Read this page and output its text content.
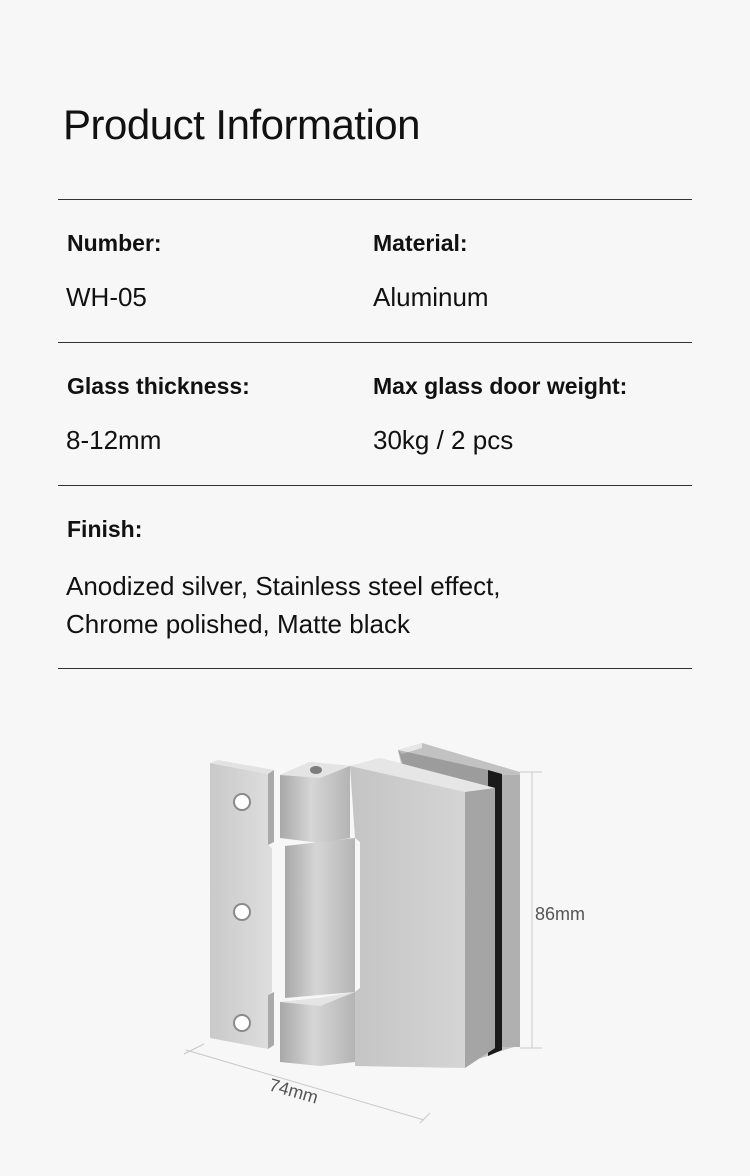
Product Information
Number:
WH-05
Material:
Aluminum
Glass thickness:
8-12mm
Max glass door weight:
30kg / 2 pcs
Finish:
Anodized silver, Stainless steel effect,
Chrome polished, Matte black
86mm
74mm
